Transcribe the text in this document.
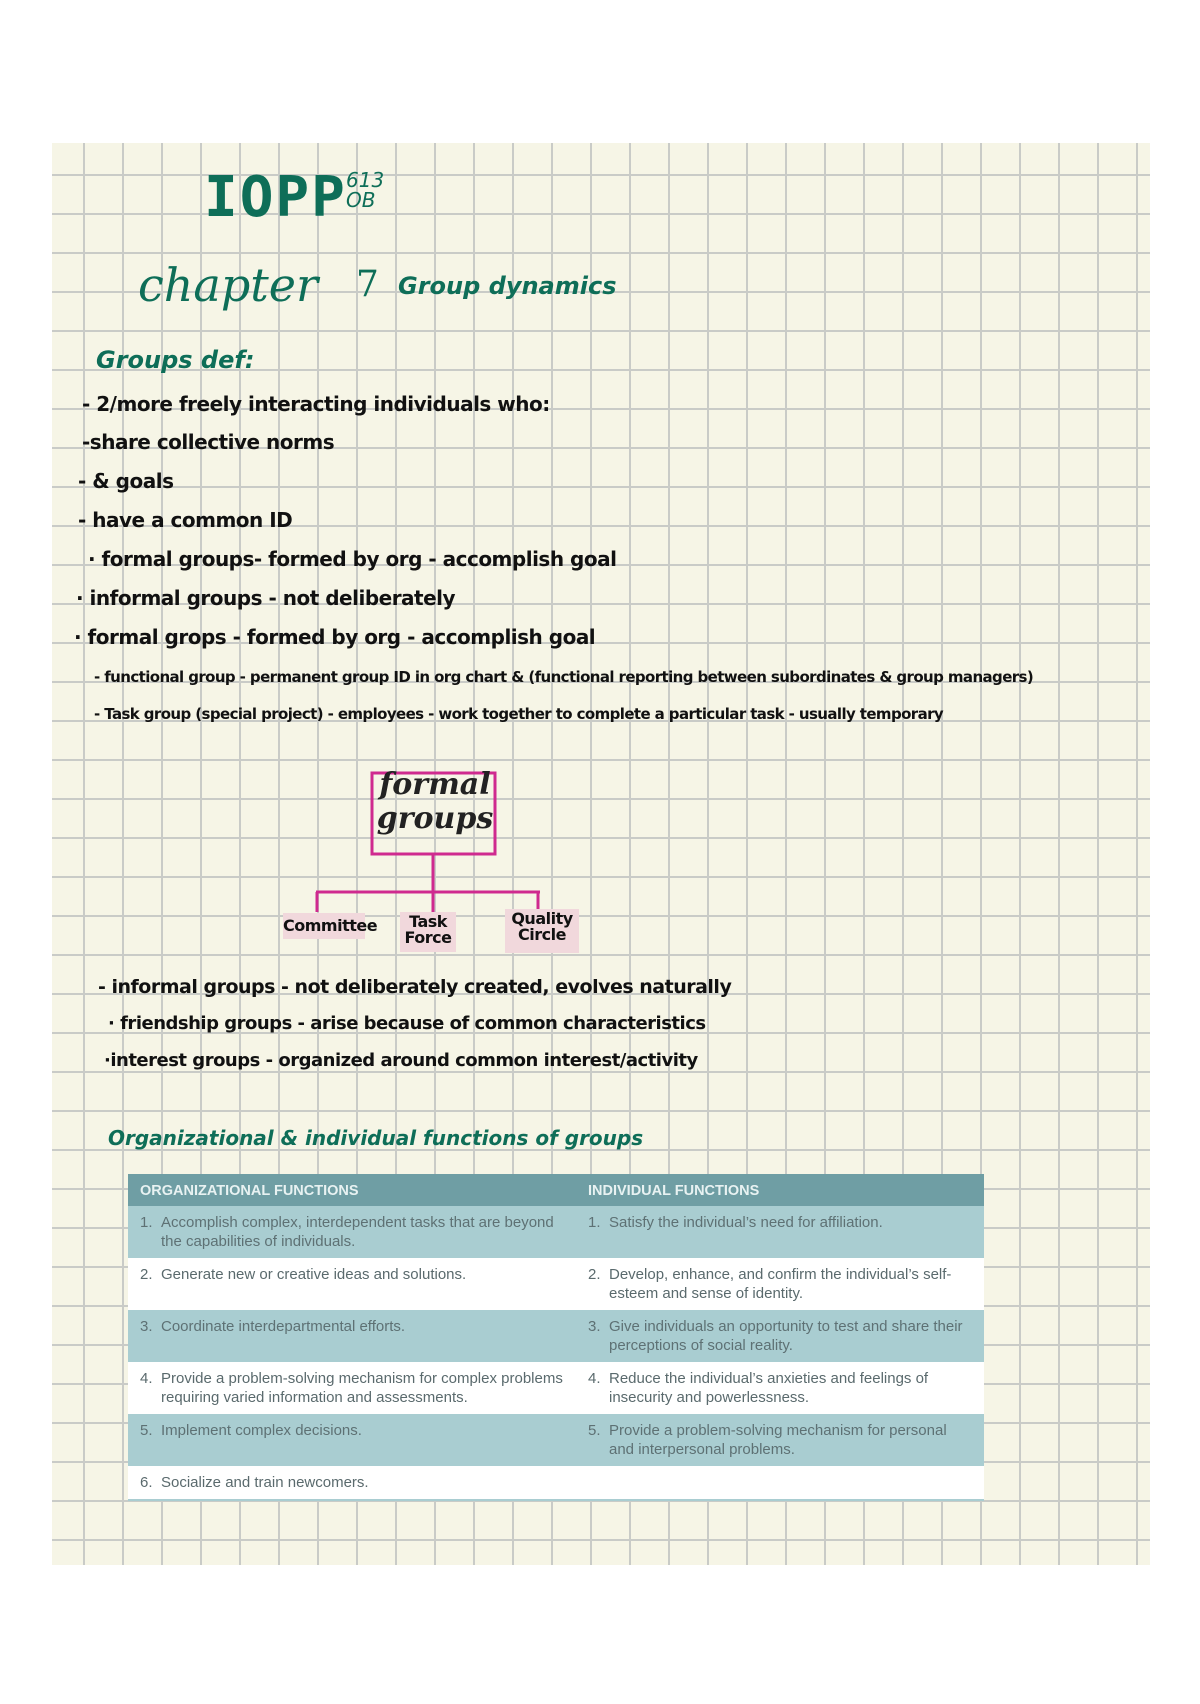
IOPP 613
OB
chapter 7 Group dynamics
Groups def:
- 2/more freely interacting individuals who:
-share collective norms
- & goals
- have a common ID
· formal groups- formed by org - accomplish goal
· informal groups - not deliberately
· formal grops - formed by org - accomplish goal
- functional group - permanent group ID in org chart & (functional reporting between subordinates & group managers)
- Task group (special project) - employees - work together to complete a particular task - usually temporary
formal
groups
Committee	Task Force
Quality Circle
- informal groups - not deliberately created, evolves naturally
· friendship groups - arise because of common characteristics
·interest groups - organized around common interest/activity
Organizational & individual functions of groups
ORGANIZATIONAL FUNCTIONS	INDIVIDUAL FUNCTIONS

1. Accomplish complex, interdependent tasks that are beyond the capabilities of individuals.	1. Satisfy the individual’s need for affiliation.

2. Generate new or creative ideas and solutions.	2. Develop, enhance, and confirm the individual’s self-esteem and sense of identity.

3. Coordinate interdepartmental efforts.	3. Give individuals an opportunity to test and share their perceptions of social reality.

4. Provide a problem-solving mechanism for complex problems requiring varied information and assessments.	4. Reduce the individual’s anxieties and feelings of insecurity and powerlessness.

5. Implement complex decisions.	5. Provide a problem-solving mechanism for personal and interpersonal problems.

6. Socialize and train newcomers.	
